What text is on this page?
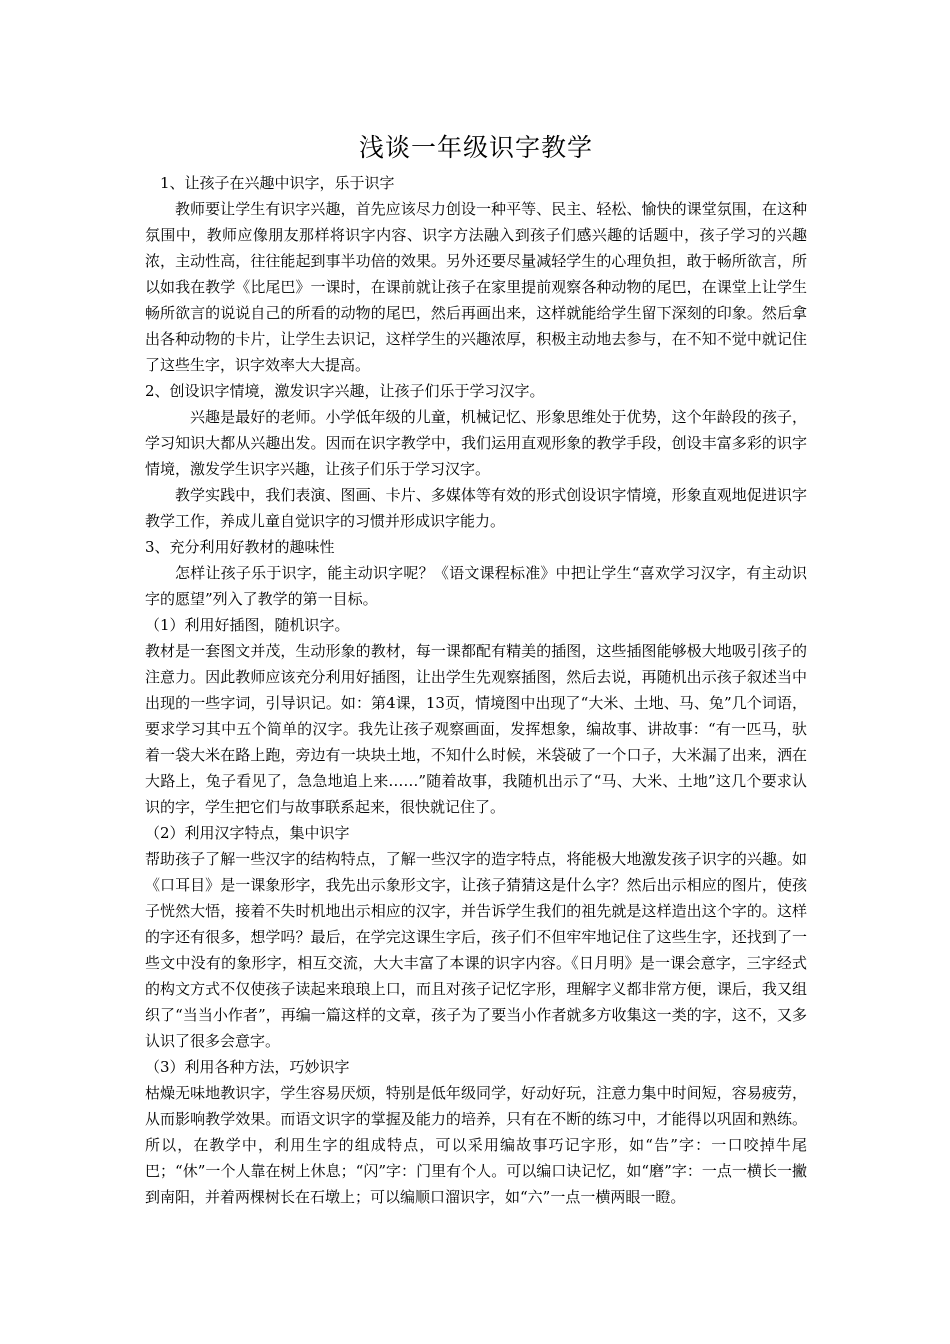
浅谈一年级识字教学

1、让孩子在兴趣中识字，乐于识字

教师要让学生有识字兴趣，首先应该尽力创设一种平等、民主、轻松、愉快的课堂氛围，在这种氛围中，教师应像朋友那样将识字内容、识字方法融入到孩子们感兴趣的话题中，孩子学习的兴趣浓，主动性高，往往能起到事半功倍的效果。另外还要尽量减轻学生的心理负担，敢于畅所欲言，所以如我在教学《比尾巴》一课时，在课前就让孩子在家里提前观察各种动物的尾巴，在课堂上让学生畅所欲言的说说自己的所看的动物的尾巴，然后再画出来，这样就能给学生留下深刻的印象。然后拿出各种动物的卡片，让学生去识记，这样学生的兴趣浓厚，积极主动地去参与，在不知不觉中就记住了这些生字，识字效率大大提高。

2、创设识字情境，激发识字兴趣，让孩子们乐于学习汉字。

兴趣是最好的老师。小学低年级的儿童，机械记忆、形象思维处于优势，这个年龄段的孩子，学习知识大都从兴趣出发。因而在识字教学中，我们运用直观形象的教学手段，创设丰富多彩的识字情境，激发学生识字兴趣，让孩子们乐于学习汉字。

教学实践中，我们表演、图画、卡片、多媒体等有效的形式创设识字情境，形象直观地促进识字教学工作，养成儿童自觉识字的习惯并形成识字能力。

3、充分利用好教材的趣味性

怎样让孩子乐于识字，能主动识字呢？《语文课程标准》中把让学生“喜欢学习汉字，有主动识字的愿望”列入了教学的第一目标。

（1）利用好插图，随机识字。

教材是一套图文并茂，生动形象的教材，每一课都配有精美的插图，这些插图能够极大地吸引孩子的注意力。因此教师应该充分利用好插图，让出学生先观察插图，然后去说，再随机出示孩子叙述当中出现的一些字词，引导识记。如：第4课，13页，情境图中出现了“大米、土地、马、兔”几个词语，要求学习其中五个简单的汉字。我先让孩子观察画面，发挥想象，编故事、讲故事：“有一匹马，驮着一袋大米在路上跑，旁边有一块块土地，不知什么时候，米袋破了一个口子，大米漏了出来，洒在大路上，兔子看见了，急急地追上来……”随着故事，我随机出示了“马、大米、土地”这几个要求认识的字，学生把它们与故事联系起来，很快就记住了。

（2）利用汉字特点，集中识字

帮助孩子了解一些汉字的结构特点，了解一些汉字的造字特点，将能极大地激发孩子识字的兴趣。如《口耳目》是一课象形字，我先出示象形文字，让孩子猜猜这是什么字？然后出示相应的图片，使孩子恍然大悟，接着不失时机地出示相应的汉字，并告诉学生我们的祖先就是这样造出这个字的。这样的字还有很多，想学吗？最后，在学完这课生字后，孩子们不但牢牢地记住了这些生字，还找到了一些文中没有的象形字，相互交流，大大丰富了本课的识字内容。《日月明》是一课会意字，三字经式的构文方式不仅使孩子读起来琅琅上口，而且对孩子记忆字形，理解字义都非常方便，课后，我又组织了“当当小作者”，再编一篇这样的文章，孩子为了要当小作者就多方收集这一类的字，这不，又多认识了很多会意字。

（3）利用各种方法，巧妙识字

枯燥无味地教识字，学生容易厌烦，特别是低年级同学，好动好玩，注意力集中时间短，容易疲劳，从而影响教学效果。而语文识字的掌握及能力的培养，只有在不断的练习中，才能得以巩固和熟练。所以，在教学中，利用生字的组成特点，可以采用编故事巧记字形，如“告”字：一口咬掉牛尾巴；“休”一个人靠在树上休息；“闪”字：门里有个人。可以编口诀记忆，如“磨”字：一点一横长一撇到南阳，并着两棵树长在石墩上；可以编顺口溜识字，如“六”一点一横两眼一瞪。
